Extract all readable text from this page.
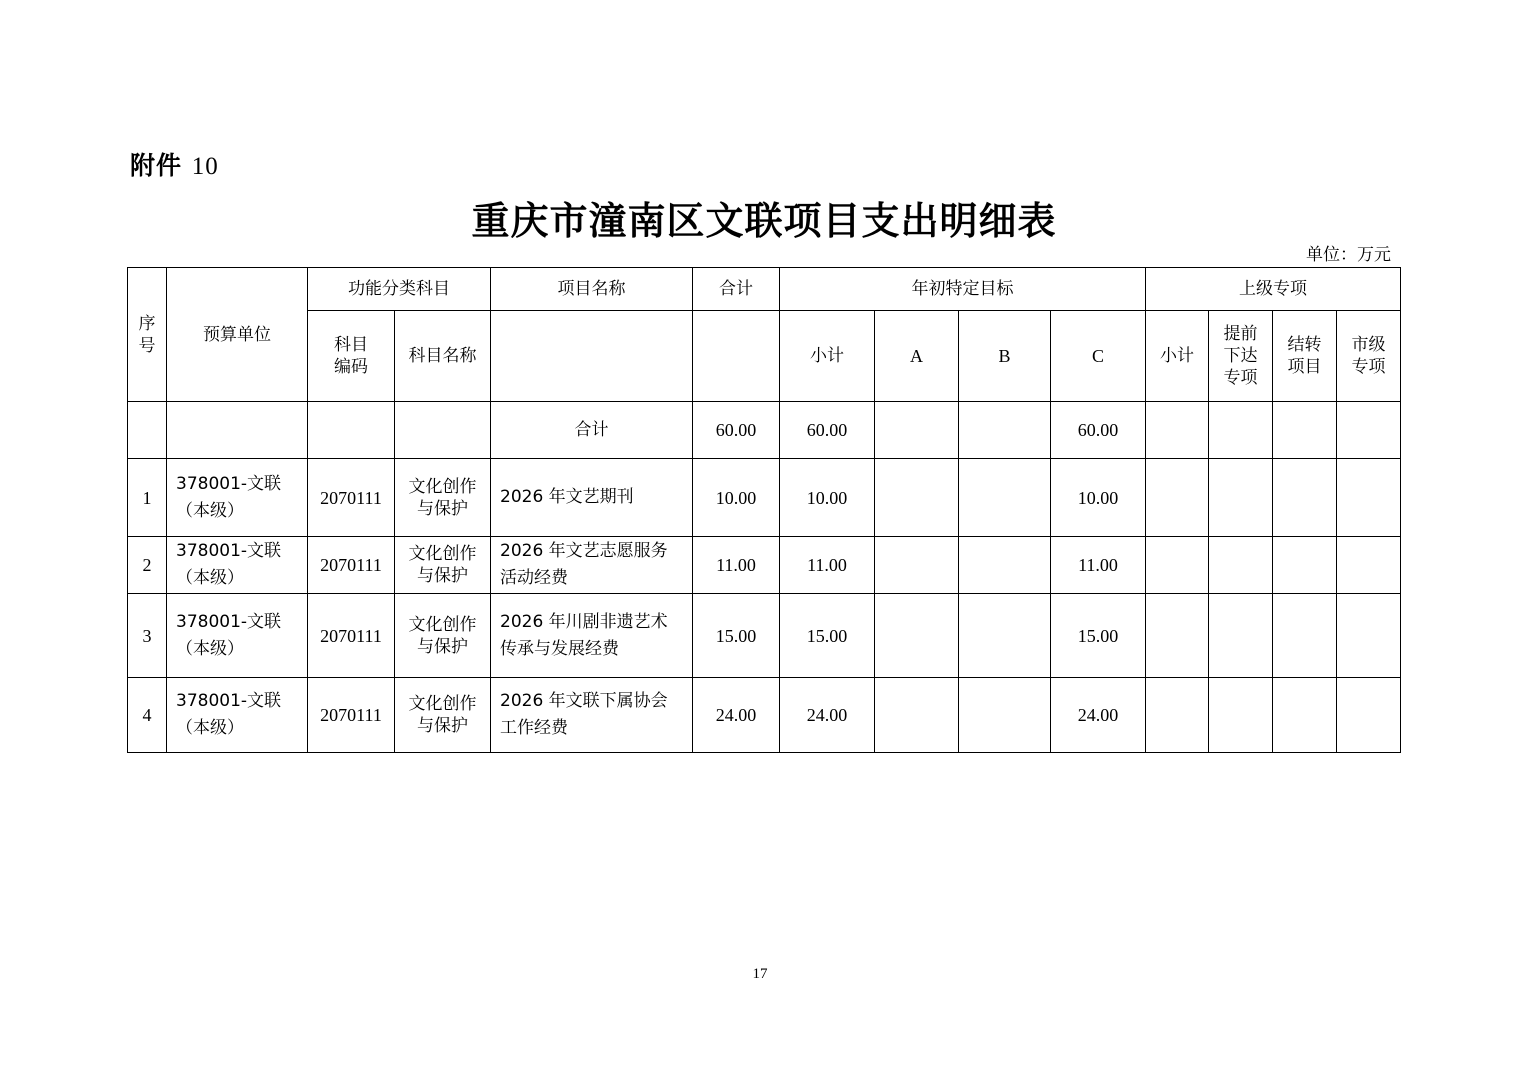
附件 10
重庆市潼南区文联项目支出明细表
单位：万元
序号	预算单位	功能分类科目		项目名称	合计	年初特定目标				上级专项			
		科目编码	科目名称			小计	A	B	C	小计	提前下达专项	结转项目	市级专项
				合计	60.00	60.00			60.00				
1	378001-文联（本级）	2070111	文化创作与保护	2026 年文艺期刊	10.00	10.00			10.00				
2	378001-文联（本级）	2070111	文化创作与保护	2026 年文艺志愿服务活动经费	11.00	11.00			11.00				
3	378001-文联（本级）	2070111	文化创作与保护	2026 年川剧非遗艺术传承与发展经费	15.00	15.00			15.00				
4	378001-文联（本级）	2070111	文化创作与保护	2026 年文联下属协会工作经费	24.00	24.00			24.00				
17
